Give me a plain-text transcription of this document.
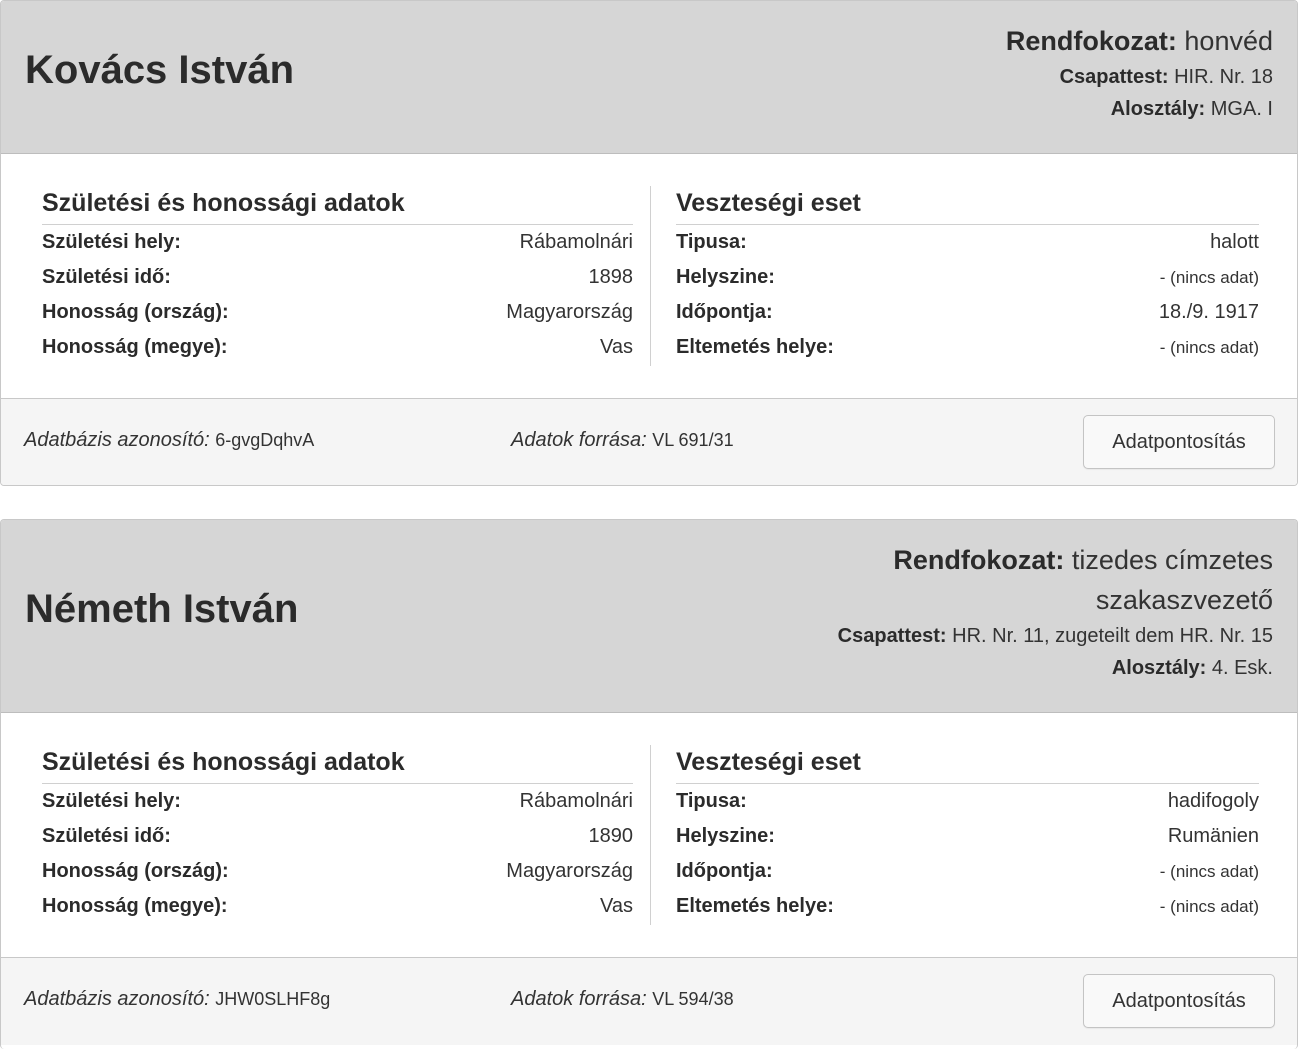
Kovács István
Rendfokozat: honvéd
Csapattest: HIR. Nr. 18
Alosztály: MGA. I
Születési és honossági adatok
Születési hely:	Rábamolnári
Születési idő:	1898
Honosság (ország):	Magyarország
Honosság (megye):	Vas
Veszteségi eset
Tipusa:	halott
Helyszine:	- (nincs adat)
Időpontja:	18./9. 1917
Eltemetés helye:	- (nincs adat)
Adatbázis azonosító: 6-gvgDqhvA	Adatok forrása: VL 691/31	Adatpontosítás
Németh István
Rendfokozat: tizedes címzetes
szakaszvezető
Csapattest: HR. Nr. 11, zugeteilt dem HR. Nr. 15
Alosztály: 4. Esk.
Születési és honossági adatok
Születési hely:	Rábamolnári
Születési idő:	1890
Honosság (ország):	Magyarország
Honosság (megye):	Vas
Veszteségi eset
Tipusa:	hadifogoly
Helyszine:	Rumänien
Időpontja:	- (nincs adat)
Eltemetés helye:	- (nincs adat)
Adatbázis azonosító: JHW0SLHF8g	Adatok forrása: VL 594/38	Adatpontosítás
